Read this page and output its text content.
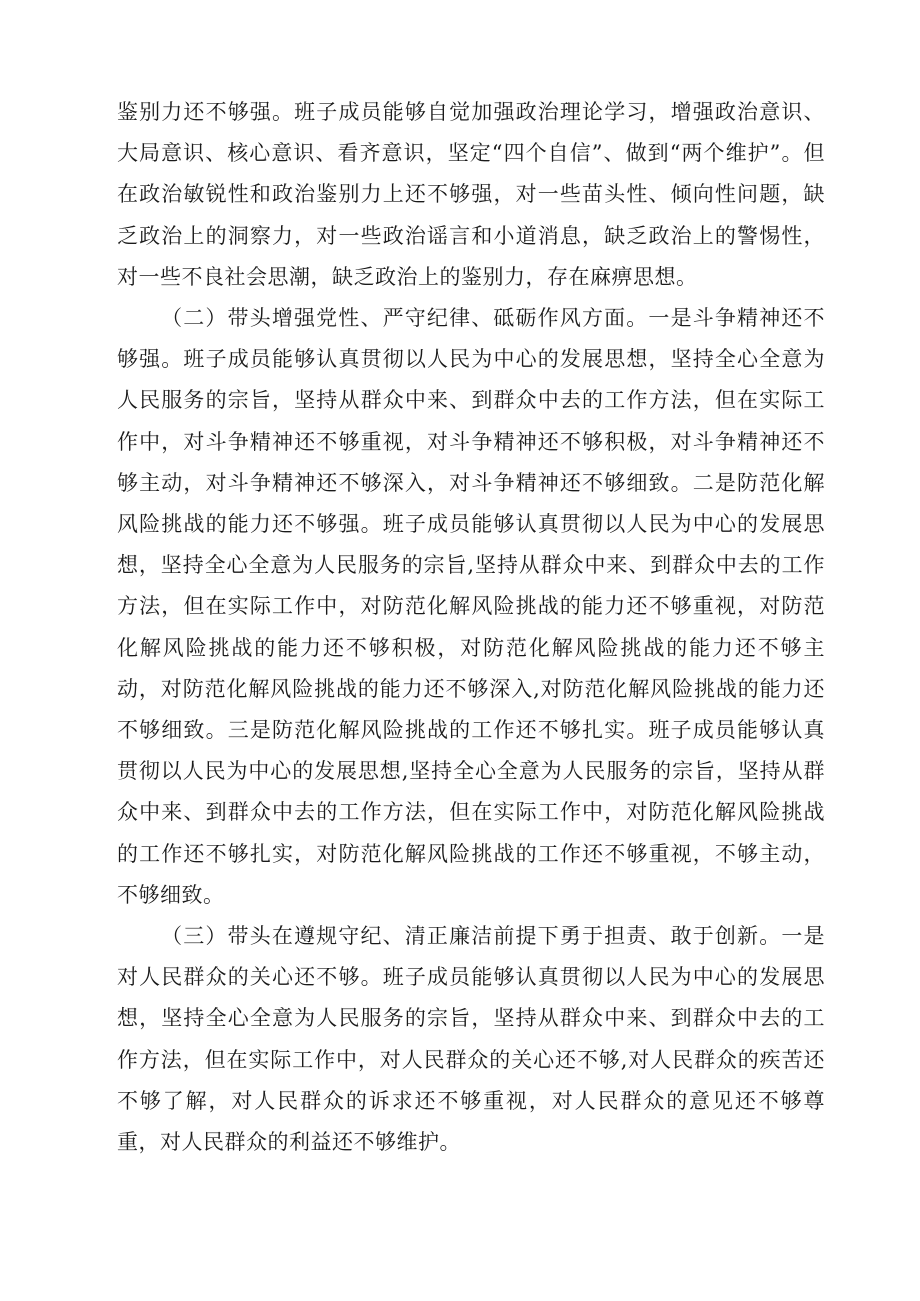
鉴别力还不够强。班子成员能够自觉加强政治理论学习，增强政治意识、大局意识、核心意识、看齐意识，坚定“四个自信”、做到“两个维护”。但在政治敏锐性和政治鉴别力上还不够强，对一些苗头性、倾向性问题，缺乏政治上的洞察力，对一些政治谣言和小道消息，缺乏政治上的警惕性，对一些不良社会思潮，缺乏政治上的鉴别力，存在麻痹思想。

（二）带头增强党性、严守纪律、砥砺作风方面。一是斗争精神还不够强。班子成员能够认真贯彻以人民为中心的发展思想，坚持全心全意为人民服务的宗旨，坚持从群众中来、到群众中去的工作方法，但在实际工作中，对斗争精神还不够重视，对斗争精神还不够积极，对斗争精神还不够主动，对斗争精神还不够深入，对斗争精神还不够细致。二是防范化解风险挑战的能力还不够强。班子成员能够认真贯彻以人民为中心的发展思想，坚持全心全意为人民服务的宗旨,坚持从群众中来、到群众中去的工作方法，但在实际工作中，对防范化解风险挑战的能力还不够重视，对防范化解风险挑战的能力还不够积极，对防范化解风险挑战的能力还不够主动，对防范化解风险挑战的能力还不够深入,对防范化解风险挑战的能力还不够细致。三是防范化解风险挑战的工作还不够扎实。班子成员能够认真贯彻以人民为中心的发展思想,坚持全心全意为人民服务的宗旨，坚持从群众中来、到群众中去的工作方法，但在实际工作中，对防范化解风险挑战的工作还不够扎实，对防范化解风险挑战的工作还不够重视，不够主动，不够细致。

（三）带头在遵规守纪、清正廉洁前提下勇于担责、敢于创新。一是对人民群众的关心还不够。班子成员能够认真贯彻以人民为中心的发展思想，坚持全心全意为人民服务的宗旨，坚持从群众中来、到群众中去的工作方法，但在实际工作中，对人民群众的关心还不够,对人民群众的疾苦还不够了解，对人民群众的诉求还不够重视，对人民群众的意见还不够尊重，对人民群众的利益还不够维护。
